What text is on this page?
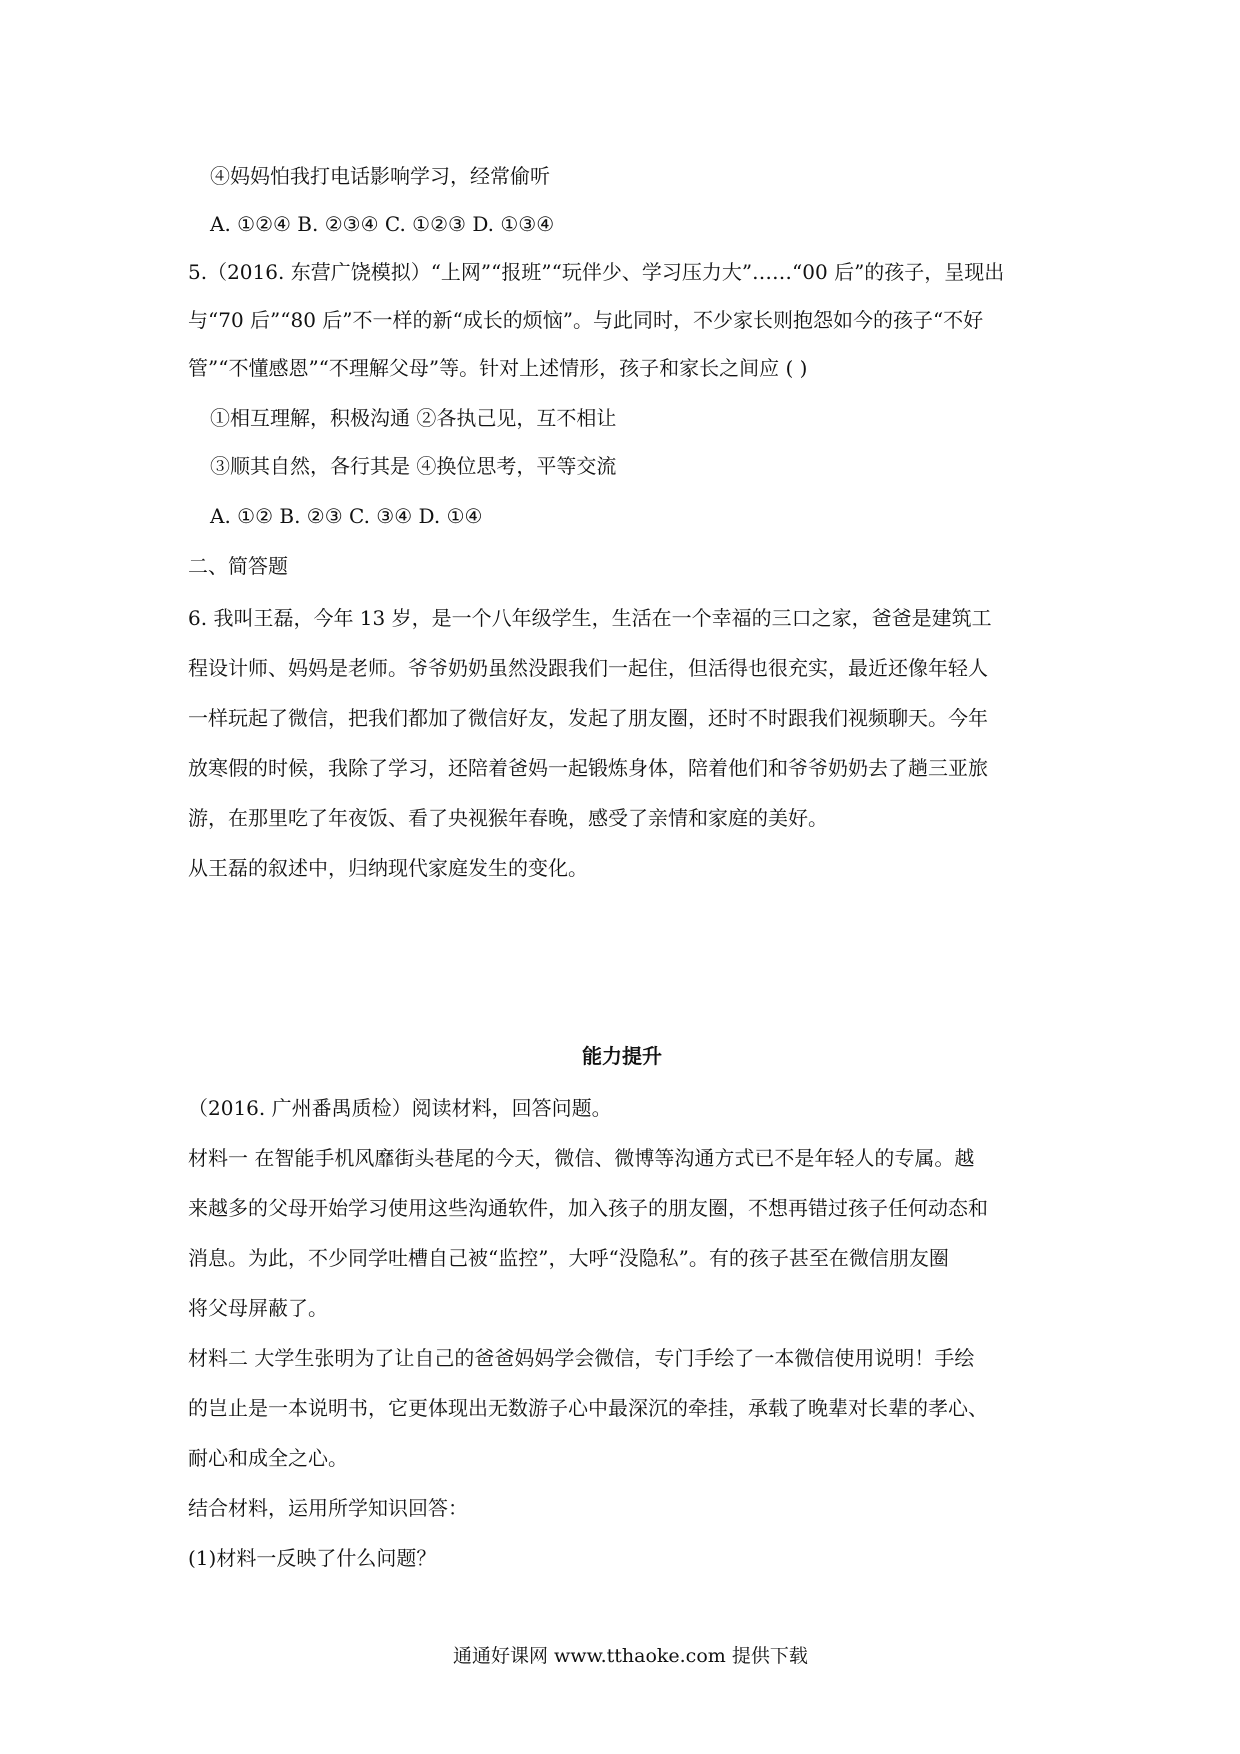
④妈妈怕我打电话影响学习，经常偷听
A. ①②④ B. ②③④ C. ①②③ D. ①③④
5.（2016. 东营广饶模拟）“上网”“报班”“玩伴少、学习压力大”……“00 后”的孩子，呈现出
与“70 后”“80 后”不一样的新“成长的烦恼”。与此同时，不少家长则抱怨如今的孩子“不好
管”“不懂感恩”“不理解父母”等。针对上述情形，孩子和家长之间应 ( )
①相互理解，积极沟通 ②各执己见，互不相让
③顺其自然，各行其是 ④换位思考，平等交流
A. ①② B. ②③ C. ③④ D. ①④
二、简答题
6. 我叫王磊，今年 13 岁，是一个八年级学生，生活在一个幸福的三口之家，爸爸是建筑工
程设计师、妈妈是老师。爷爷奶奶虽然没跟我们一起住，但活得也很充实，最近还像年轻人
一样玩起了微信，把我们都加了微信好友，发起了朋友圈，还时不时跟我们视频聊天。今年
放寒假的时候，我除了学习，还陪着爸妈一起锻炼身体，陪着他们和爷爷奶奶去了趟三亚旅
游，在那里吃了年夜饭、看了央视猴年春晚，感受了亲情和家庭的美好。
从王磊的叙述中，归纳现代家庭发生的变化。
能力提升
（2016. 广州番禺质检）阅读材料，回答问题。
材料一 在智能手机风靡街头巷尾的今天，微信、微博等沟通方式已不是年轻人的专属。越
来越多的父母开始学习使用这些沟通软件，加入孩子的朋友圈，不想再错过孩子任何动态和
消息。为此，不少同学吐槽自己被“监控”，大呼“没隐私”。有的孩子甚至在微信朋友圈
将父母屏蔽了。
材料二 大学生张明为了让自己的爸爸妈妈学会微信，专门手绘了一本微信使用说明！手绘
的岂止是一本说明书，它更体现出无数游子心中最深沉的牵挂，承载了晚辈对长辈的孝心、
耐心和成全之心。
结合材料，运用所学知识回答：
(1)材料一反映了什么问题？
通通好课网 www.tthaoke.com 提供下载
